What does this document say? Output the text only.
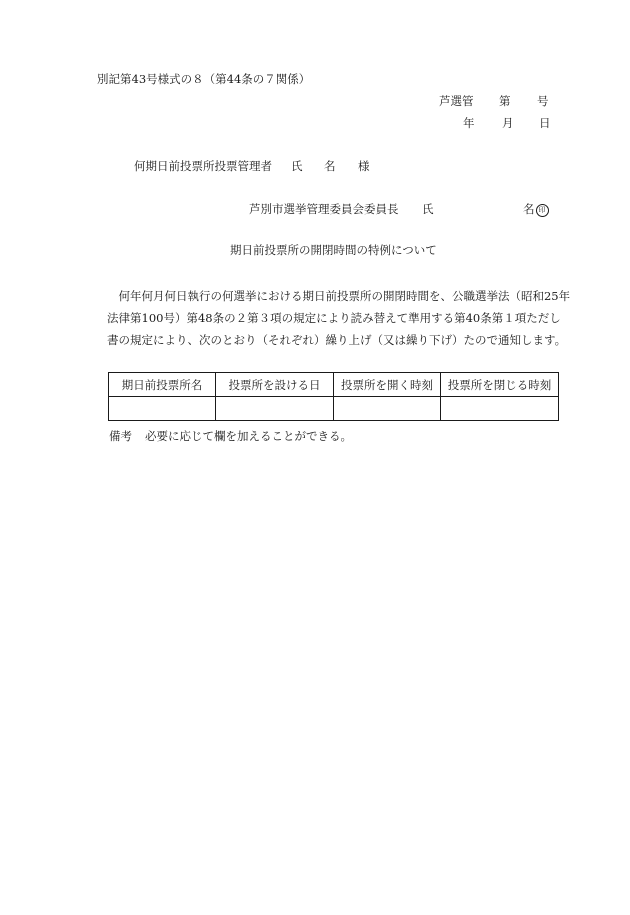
別記第43号様式の８（第44条の７関係）
芦選管 第 号
年 月 日
何期日前投票所投票管理者 氏 名 様
芦別市選挙管理委員会委員長 氏	名 印
期日前投票所の開閉時間の特例について

何年何月何日執行の何選挙における期日前投票所の開閉時間を、公職選挙法（昭和25年法律第100号）第48条の２第３項の規定により読み替えて準用する第40条第１項ただし書の規定により、次のとおり（それぞれ）繰り上げ（又は繰り下げ）たので通知します。

期日前投票所名	投票所を設ける日	投票所を開く時刻	投票所を閉じる時刻

備考 必要に応じて欄を加えることができる。
